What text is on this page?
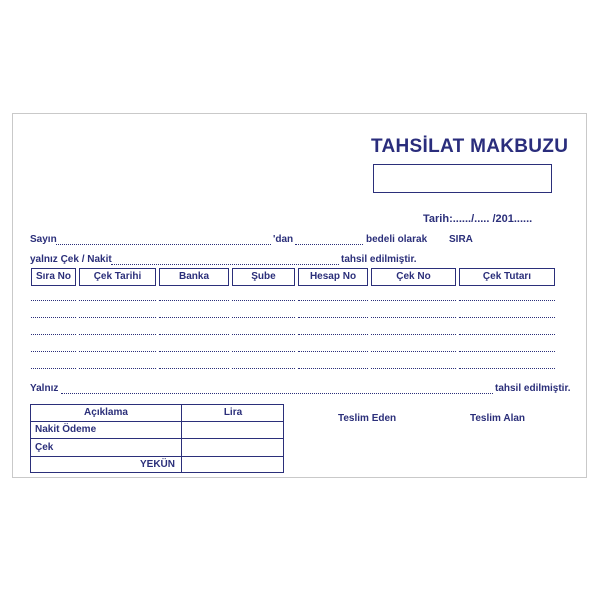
TAHSİLAT MAKBUZU
Tarih:....../..... /201......
Sayın	'dan	bedeli olarak SIRA
yalnız Çek / Nakit	tahsil edilmiştir.
Sıra No	Çek Tarihi	Banka	Şube	Hesap No	Çek No	Çek Tutarı
Yalnız	tahsil edilmiştir.
Açıklama	Lira
Nakit Ödeme
Çek
YEKÜN
Teslim Eden	Teslim Alan
